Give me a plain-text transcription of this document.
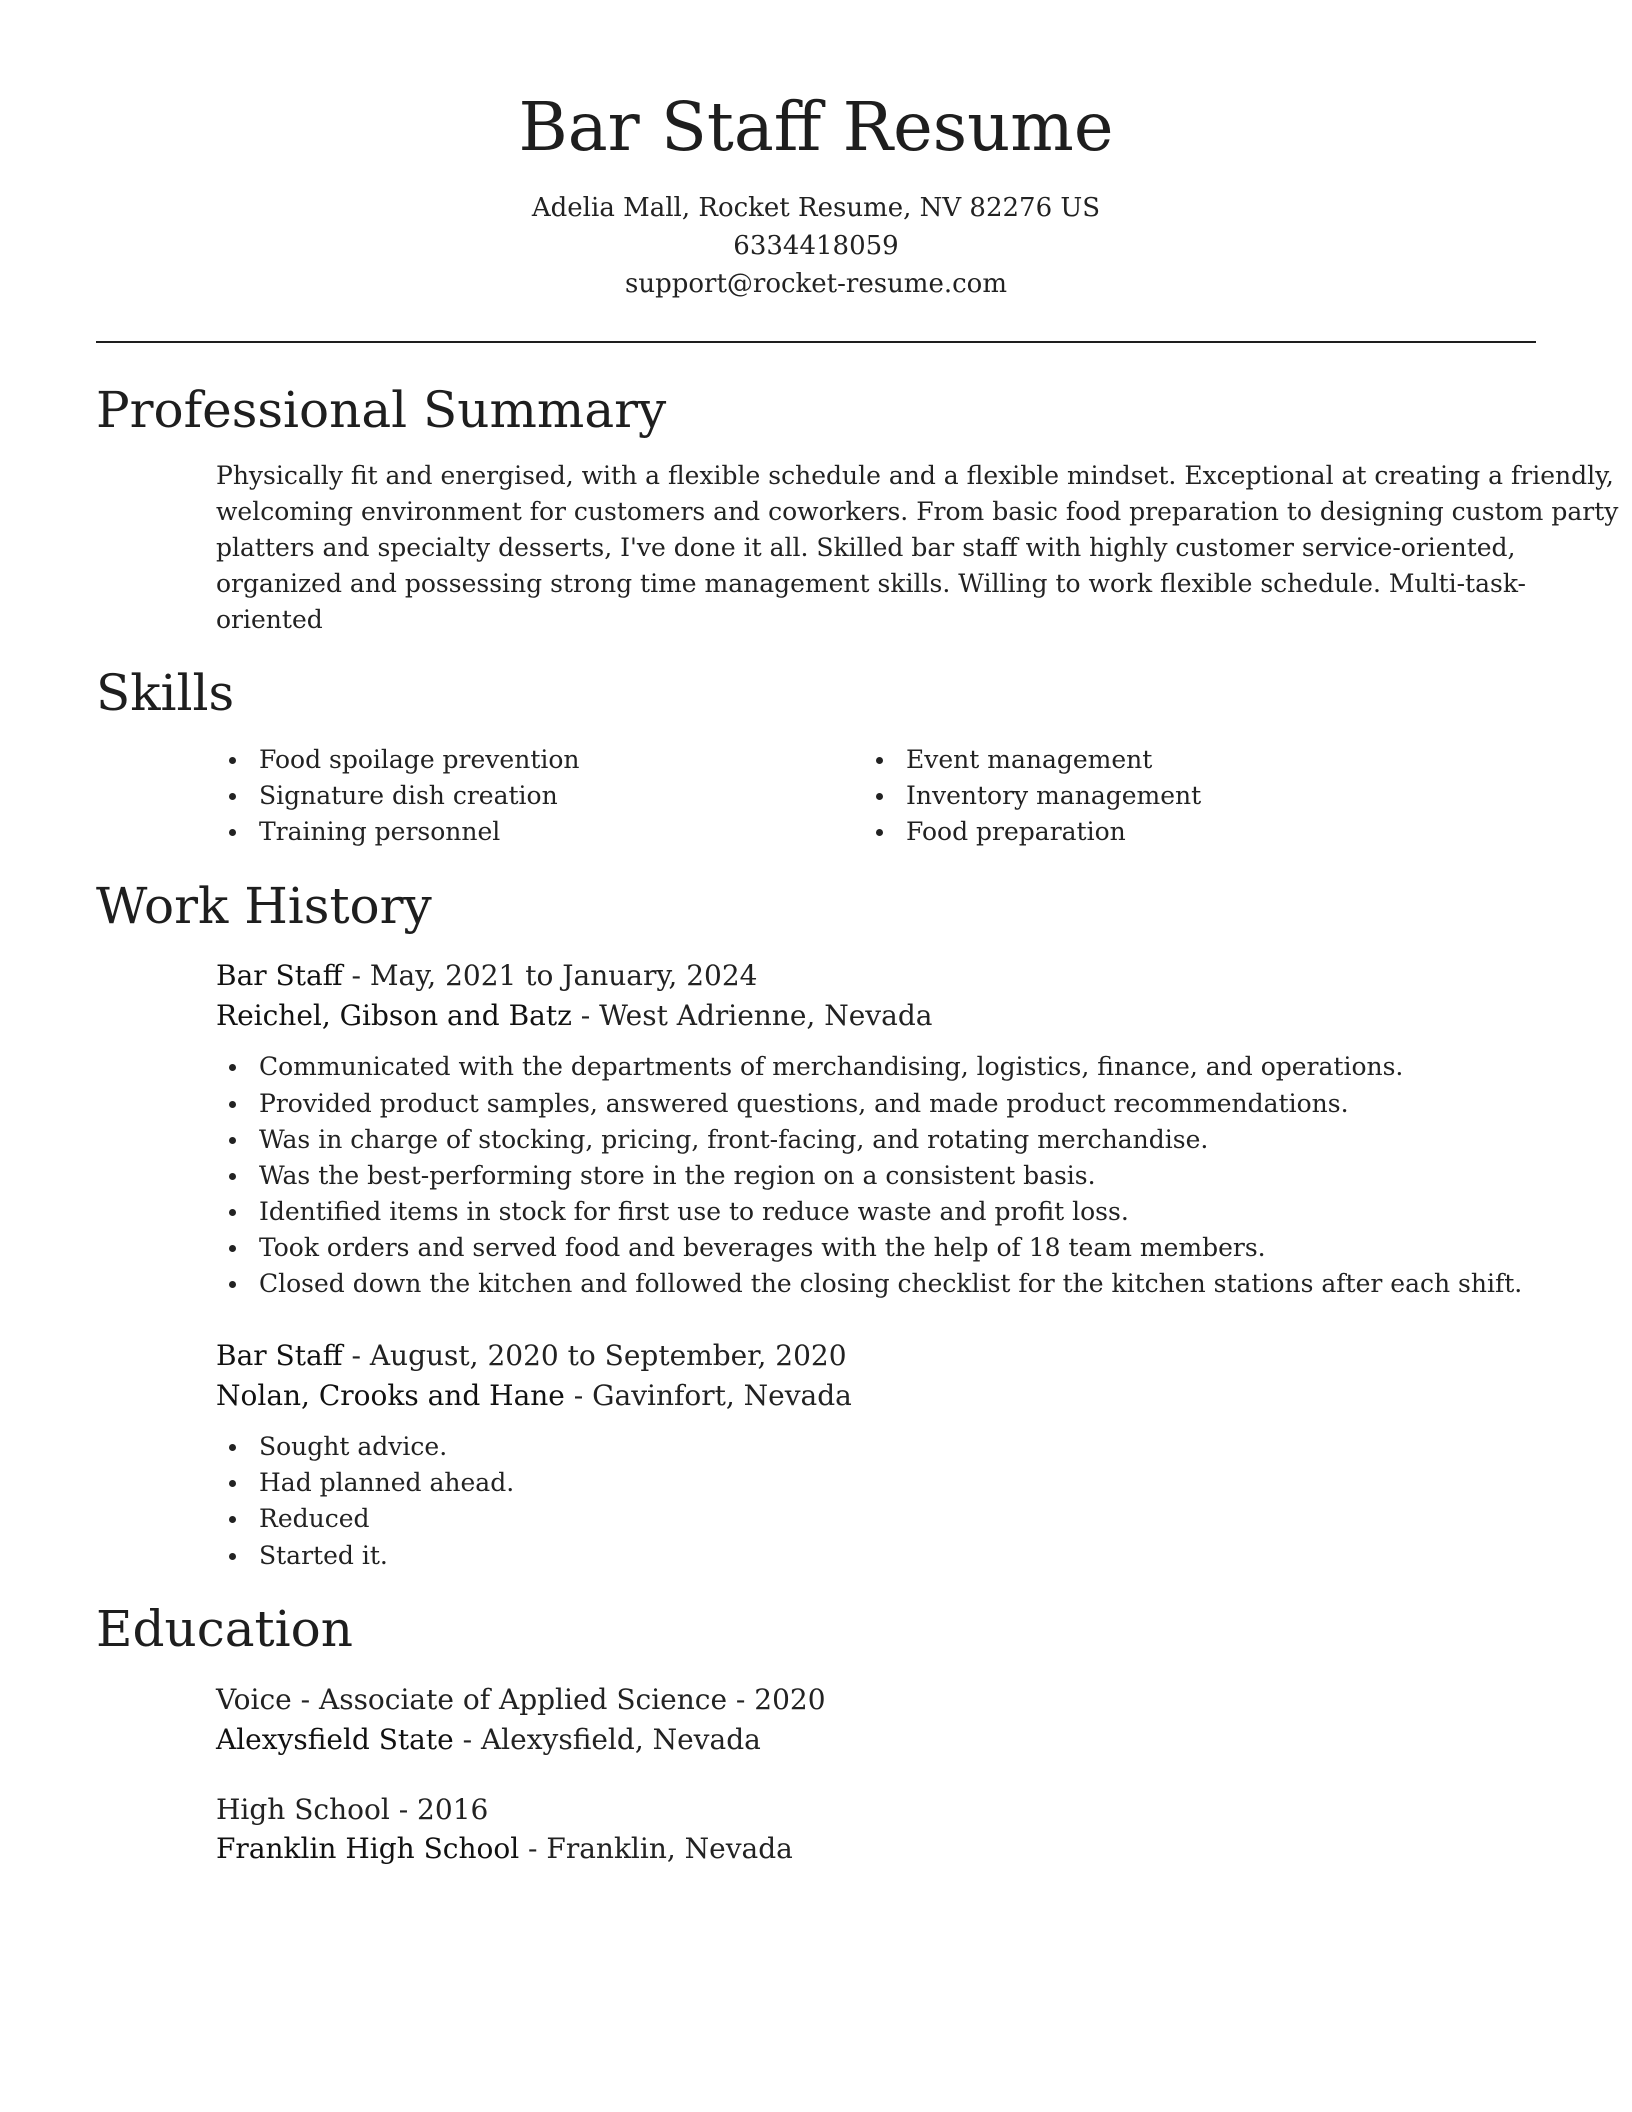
Bar Staff Resume
Adelia Mall, Rocket Resume, NV 82276 US
6334418059
support@rocket-resume.com
Professional Summary
Physically fit and energised, with a flexible schedule and a flexible mindset. Exceptional at creating a friendly,
welcoming environment for customers and coworkers. From basic food preparation to designing custom party
platters and specialty desserts, I've done it all. Skilled bar staff with highly customer service-oriented,
organized and possessing strong time management skills. Willing to work flexible schedule. Multi-task-
oriented
Skills
Food spoilage prevention
Signature dish creation
Training personnel
Event management
Inventory management
Food preparation
Work History
Bar Staff - May, 2021 to January, 2024
Reichel, Gibson and Batz - West Adrienne, Nevada
Communicated with the departments of merchandising, logistics, finance, and operations.
Provided product samples, answered questions, and made product recommendations.
Was in charge of stocking, pricing, front-facing, and rotating merchandise.
Was the best-performing store in the region on a consistent basis.
Identified items in stock for first use to reduce waste and profit loss.
Took orders and served food and beverages with the help of 18 team members.
Closed down the kitchen and followed the closing checklist for the kitchen stations after each shift.
Bar Staff - August, 2020 to September, 2020
Nolan, Crooks and Hane - Gavinfort, Nevada
Sought advice.
Had planned ahead.
Reduced
Started it.
Education
Voice - Associate of Applied Science - 2020
Alexysfield State - Alexysfield, Nevada
High School - 2016
Franklin High School - Franklin, Nevada
